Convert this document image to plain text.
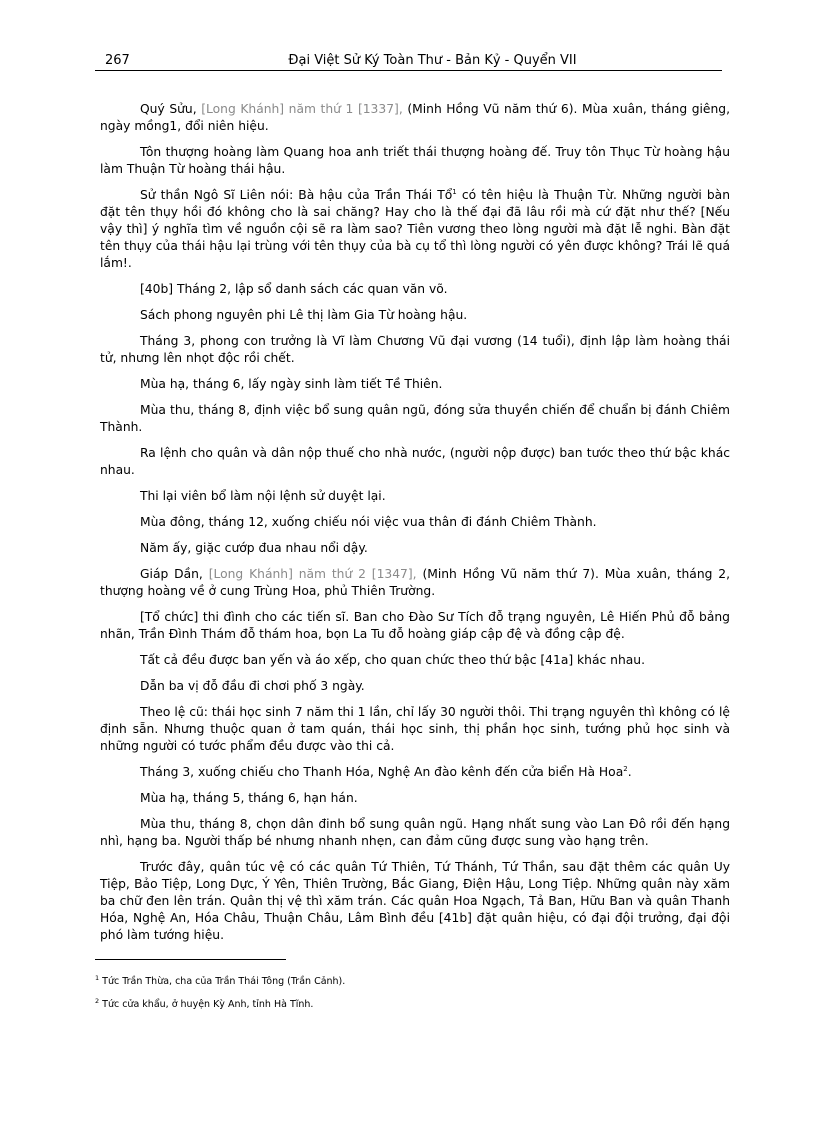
267	Đại Việt Sử Ký Toàn Thư - Bản Kỷ - Quyển VII

Quý Sửu, [Long Khánh] năm thứ 1 [1337], (Minh Hồng Vũ năm thứ 6). Mùa xuân, tháng giêng, ngày mồng1, đổi niên hiệu.

Tôn thượng hoàng làm Quang hoa anh triết thái thượng hoàng đế. Truy tôn Thục Từ hoàng hậu làm Thuận Từ hoàng thái hậu.

Sử thần Ngô Sĩ Liên nói: Bà hậu của Trần Thái Tổ$^1$ có tên hiệu là Thuận Từ. Những người bàn đặt tên thụy hồi đó không cho là sai chăng? Hay cho là thế đại đã lâu rồi mà cứ đặt như thế? [Nếu vậy thì] ý nghĩa tìm về nguồn cội sẽ ra làm sao? Tiên vương theo lòng người mà đặt lễ nghi. Bàn đặt tên thụy của thái hậu lại trùng với tên thụy của bà cụ tổ thì lòng người có yên được không? Trái lẽ quá lắm!.

[40b] Tháng 2, lập sổ danh sách các quan văn võ.

Sách phong nguyên phi Lê thị làm Gia Từ hoàng hậu.

Tháng 3, phong con trưởng là Vĩ làm Chương Vũ đại vương (14 tuổi), định lập làm hoàng thái tử, nhưng lên nhọt độc rồi chết.

Mùa hạ, tháng 6, lấy ngày sinh làm tiết Tề Thiên.

Mùa thu, tháng 8, định việc bổ sung quân ngũ, đóng sửa thuyền chiến để chuẩn bị đánh Chiêm Thành.

Ra lệnh cho quân và dân nộp thuế cho nhà nước, (người nộp được) ban tước theo thứ bậc khác nhau.

Thi lại viên bổ làm nội lệnh sử duyệt lại.

Mùa đông, tháng 12, xuống chiếu nói việc vua thân đi đánh Chiêm Thành.

Năm ấy, giặc cướp đua nhau nổi dậy.

Giáp Dần, [Long Khánh] năm thứ 2 [1347], (Minh Hồng Vũ năm thứ 7). Mùa xuân, tháng 2, thượng hoàng về ở cung Trùng Hoa, phủ Thiên Trường.

[Tổ chức] thi đình cho các tiến sĩ. Ban cho Đào Sư Tích đỗ trạng nguyên, Lê Hiến Phủ đỗ bảng nhãn, Trần Đình Thám đỗ thám hoa, bọn La Tu đỗ hoàng giáp cập đệ và đồng cập đệ.

Tất cả đều được ban yến và áo xếp, cho quan chức theo thứ bậc [41a] khác nhau.

Dẫn ba vị đỗ đầu đi chơi phố 3 ngày.

Theo lệ cũ: thái học sinh 7 năm thi 1 lần, chỉ lấy 30 người thôi. Thi trạng nguyên thì không có lệ định sẵn. Nhưng thuộc quan ở tam quán, thái học sinh, thị phần học sinh, tướng phủ học sinh và những người có tước phẩm đều được vào thi cả.

Tháng 3, xuống chiếu cho Thanh Hóa, Nghệ An đào kênh đến cửa biển Hà Hoa$^2$.

Mùa hạ, tháng 5, tháng 6, hạn hán.

Mùa thu, tháng 8, chọn dân đinh bổ sung quân ngũ. Hạng nhất sung vào Lan Đô rồi đến hạng nhì, hạng ba. Người thấp bé nhưng nhanh nhẹn, can đảm cũng được sung vào hạng trên.

Trước đây, quân túc vệ có các quân Tứ Thiên, Tứ Thánh, Tứ Thần, sau đặt thêm các quân Uy Tiệp, Bảo Tiệp, Long Dực, Ý Yên, Thiên Trường, Bắc Giang, Điện Hậu, Long Tiệp. Những quân này xăm ba chữ đen lên trán. Quân thị vệ thì xăm trán. Các quân Hoa Ngạch, Tả Ban, Hữu Ban và quân Thanh Hóa, Nghệ An, Hóa Châu, Thuận Châu, Lâm Bình đều [41b] đặt quân hiệu, có đại đội trưởng, đại đội phó làm tướng hiệu.

$^1$ Tức Trần Thừa, cha của Trần Thái Tông (Trần Cảnh).
$^2$ Tức cửa khẩu, ở huyện Kỳ Anh, tỉnh Hà Tĩnh.
